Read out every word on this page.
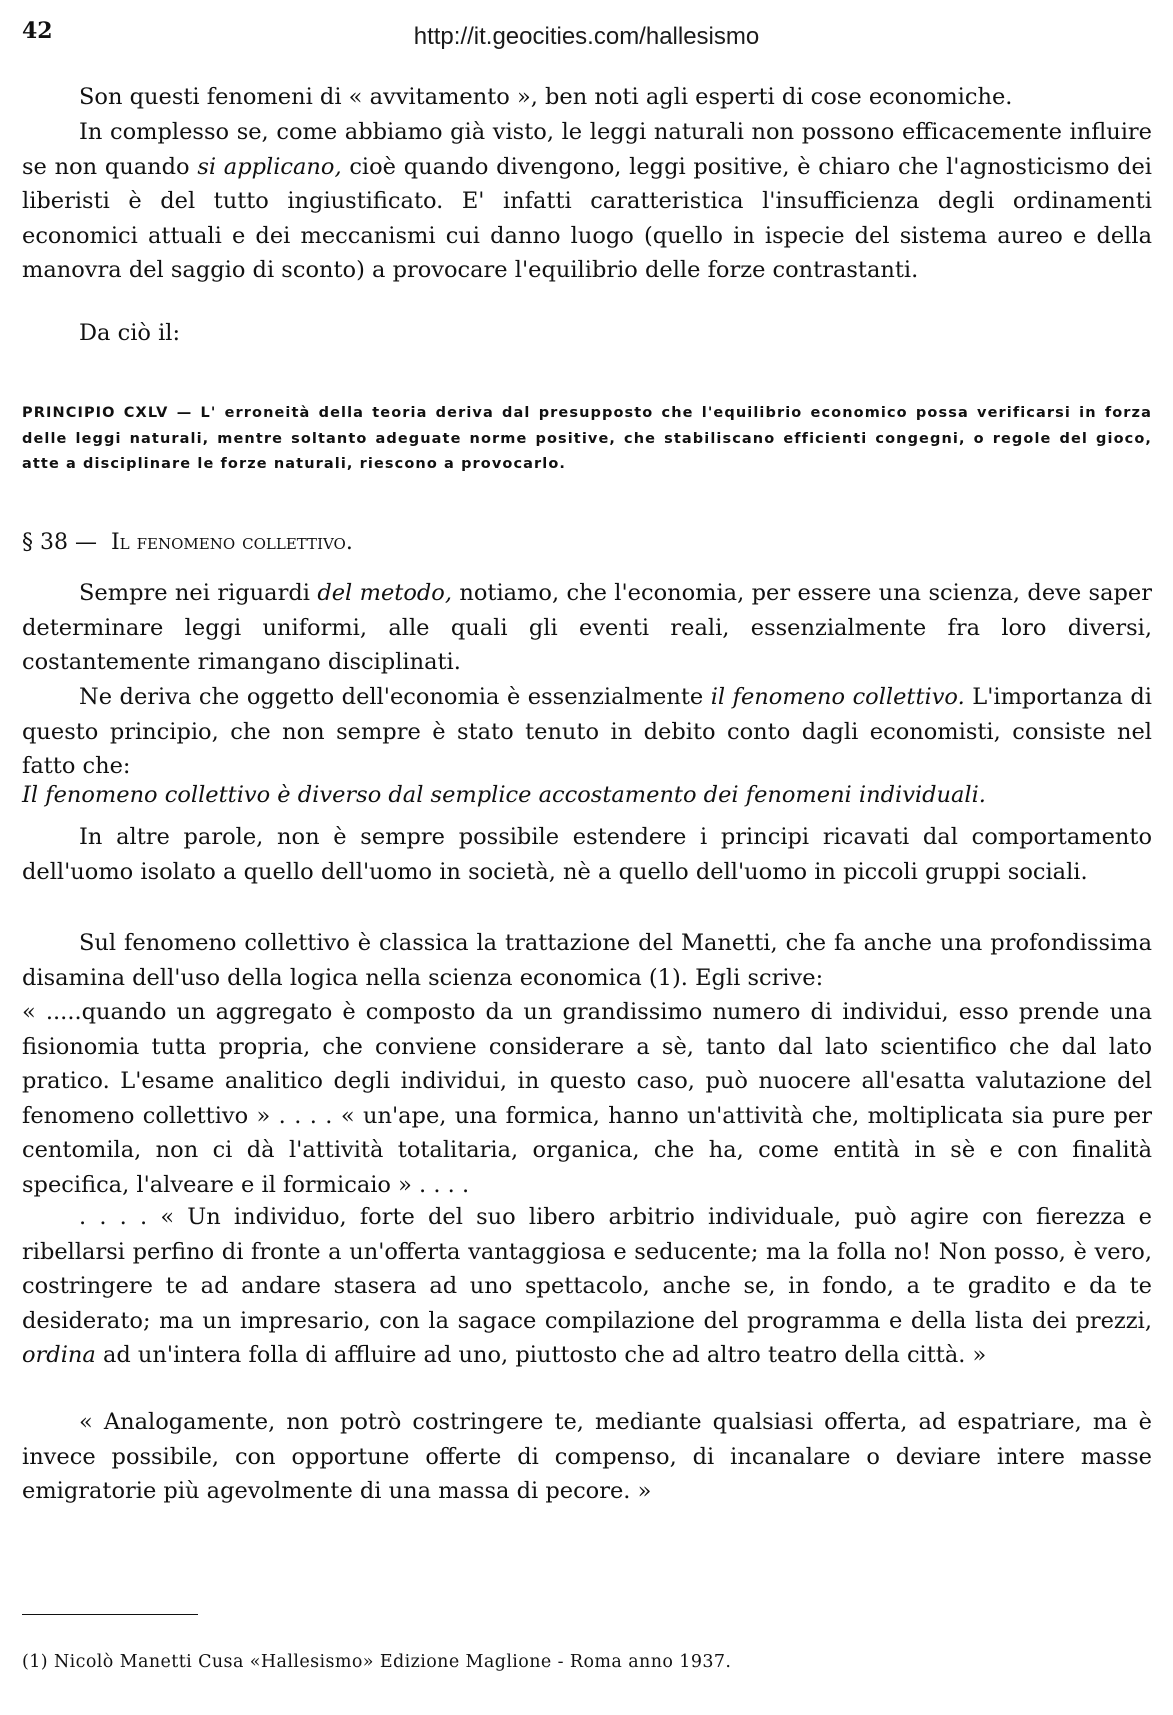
42	http://it.geocities.com/hallesismo

Son questi fenomeni di « avvitamento », ben noti agli esperti di cose economiche.

In complesso se, come abbiamo già visto, le leggi naturali non possono efficacemente influire se non quando si applicano, cioè quando divengono, leggi positive, è chiaro che l'agnosticismo dei liberisti è del tutto ingiustificato. E' infatti caratteristica l'insufficienza degli ordinamenti economici attuali e dei meccanismi cui danno luogo (quello in ispecie del sistema aureo e della manovra del saggio di sconto) a provocare l'equilibrio delle forze contrastanti.

Da ciò il:

PRINCIPIO CXLV — L' erroneità della teoria deriva dal presupposto che l'equilibrio economico possa verificarsi in forza delle leggi naturali, mentre soltanto adeguate norme positive, che stabiliscano efficienti congegni, o regole del gioco, atte a disciplinare le forze naturali, riescono a provocarlo.

§ 38 — Il fenomeno collettivo.

Sempre nei riguardi del metodo, notiamo, che l'economia, per essere una scienza, deve saper determinare leggi uniformi, alle quali gli eventi reali, essenzialmente fra loro diversi, costantemente rimangano disciplinati.

Ne deriva che oggetto dell'economia è essenzialmente il fenomeno collettivo. L'importanza di questo principio, che non sempre è stato tenuto in debito conto dagli economisti, consiste nel fatto che:

Il fenomeno collettivo è diverso dal semplice accostamento dei fenomeni individuali.

In altre parole, non è sempre possibile estendere i principi ricavati dal comportamento dell'uomo isolato a quello dell'uomo in società, nè a quello dell'uomo in piccoli gruppi sociali.

Sul fenomeno collettivo è classica la trattazione del Manetti, che fa anche una profondissima disamina dell'uso della logica nella scienza economica (1). Egli scrive:

« .....quando un aggregato è composto da un grandissimo numero di individui, esso prende una fisionomia tutta propria, che conviene considerare a sè, tanto dal lato scientifico che dal lato pratico. L'esame analitico degli individui, in questo caso, può nuocere all'esatta valutazione del fenomeno collettivo » . . . . « un'ape, una formica, hanno un'attività che, moltiplicata sia pure per centomila, non ci dà l'attività totalitaria, organica, che ha, come entità in sè e con finalità specifica, l'alveare e il formicaio » . . . .

. . . . « Un individuo, forte del suo libero arbitrio individuale, può agire con fierezza e ribellarsi perfino di fronte a un'offerta vantaggiosa e seducente; ma la folla no! Non posso, è vero, costringere te ad andare stasera ad uno spettacolo, anche se, in fondo, a te gradito e da te desiderato; ma un impresario, con la sagace compilazione del programma e della lista dei prezzi, ordina ad un'intera folla di affluire ad uno, piuttosto che ad altro teatro della città. »

« Analogamente, non potrò costringere te, mediante qualsiasi offerta, ad espatriare, ma è invece possibile, con opportune offerte di compenso, di incanalare o deviare intere masse emigratorie più agevolmente di una massa di pecore. »

(1) Nicolò Manetti Cusa «Hallesismo» Edizione Maglione - Roma anno 1937.
